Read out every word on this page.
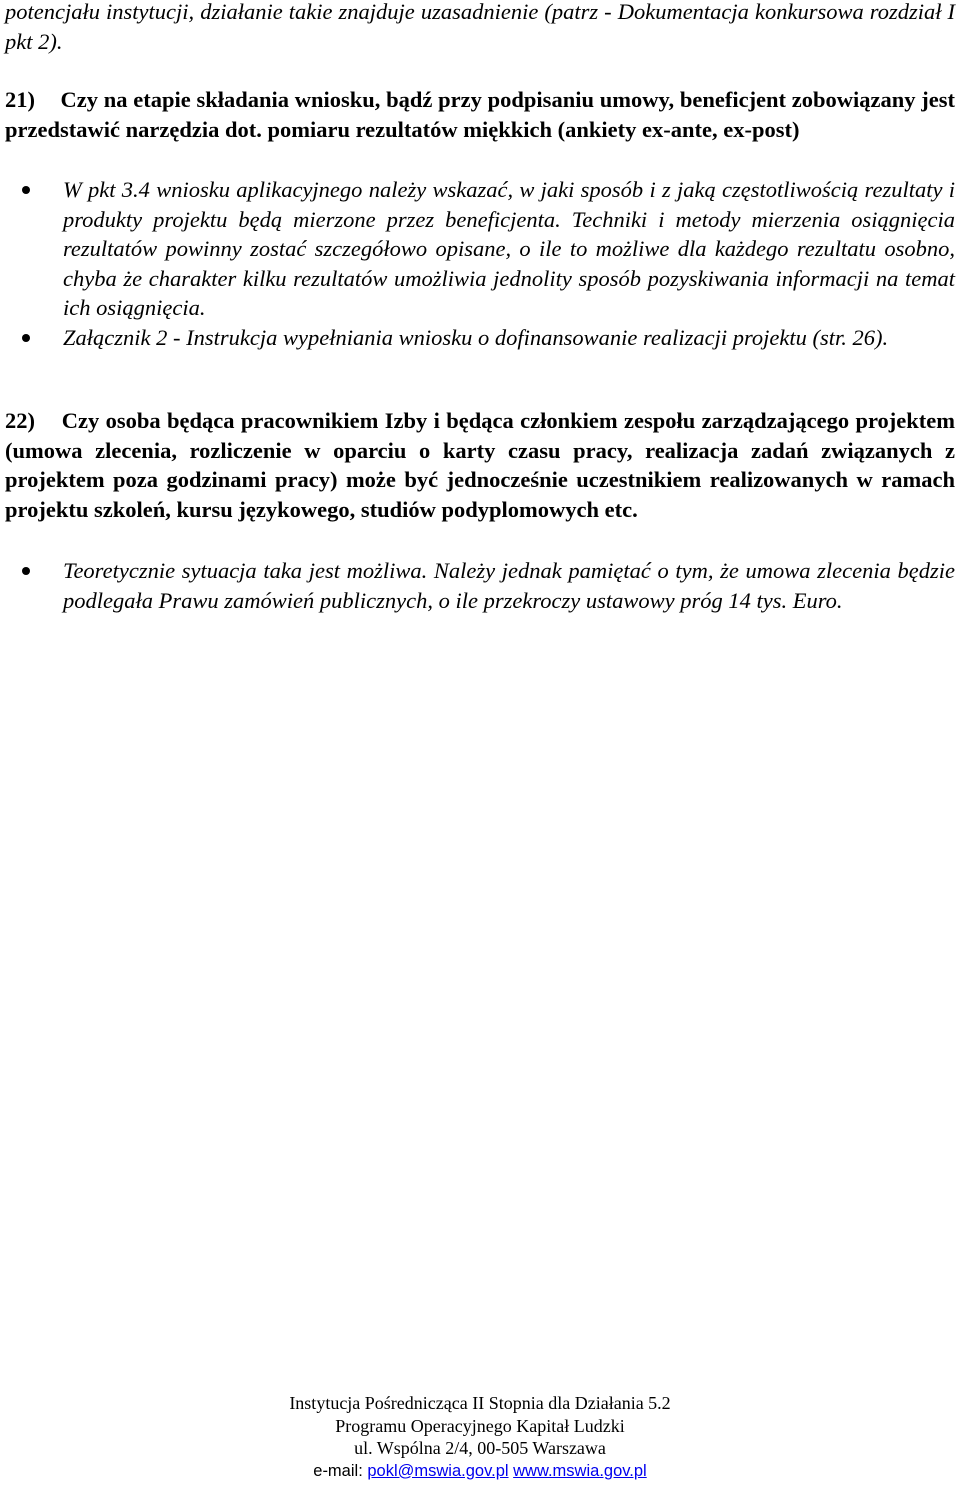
potencjału instytucji, działanie takie znajduje uzasadnienie (patrz - Dokumentacja konkursowa rozdział I pkt 2).

21) Czy na etapie składania wniosku, bądź przy podpisaniu umowy, beneficjent zobowiązany jest przedstawić narzędzia dot. pomiaru rezultatów miękkich (ankiety ex-ante, ex-post)

W pkt 3.4 wniosku aplikacyjnego należy wskazać, w jaki sposób i z jaką częstotliwością rezultaty i produkty projektu będą mierzone przez beneficjenta. Techniki i metody mierzenia osiągnięcia rezultatów powinny zostać szczegółowo opisane, o ile to możliwe dla każdego rezultatu osobno, chyba że charakter kilku rezultatów umożliwia jednolity sposób pozyskiwania informacji na temat ich osiągnięcia.
Załącznik 2 - Instrukcja wypełniania wniosku o dofinansowanie realizacji projektu (str. 26).

22) Czy osoba będąca pracownikiem Izby i będąca członkiem zespołu zarządzającego projektem (umowa zlecenia, rozliczenie w oparciu o karty czasu pracy, realizacja zadań związanych z projektem poza godzinami pracy) może być jednocześnie uczestnikiem realizowanych w ramach projektu szkoleń, kursu językowego, studiów podyplomowych etc.

Teoretycznie sytuacja taka jest możliwa. Należy jednak pamiętać o tym, że umowa zlecenia będzie podlegała Prawu zamówień publicznych, o ile przekroczy ustawowy próg 14 tys. Euro.
Instytucja Pośrednicząca II Stopnia dla Działania 5.2
Programu Operacyjnego Kapitał Ludzki
ul. Wspólna 2/4, 00-505 Warszawa
e-mail: pokl@mswia.gov.pl www.mswia.gov.pl
